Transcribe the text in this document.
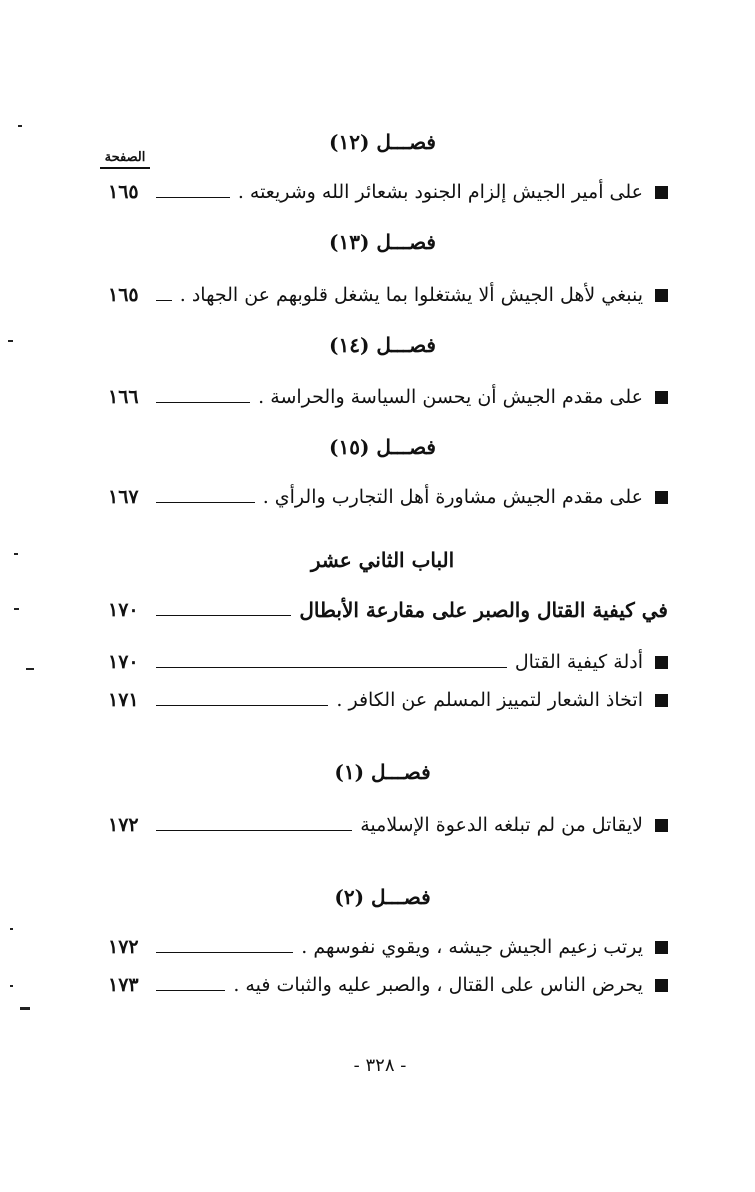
الصفحة
فصـــل (١٢)
على أمير الجيش إلزام الجنود بشعائر الله وشريعته .
١٦٥
فصـــل (١٣)
ينبغي لأهل الجيش ألا يشتغلوا بما يشغل قلوبهم عن الجهاد .
١٦٥
فصـــل (١٤)
على مقدم الجيش أن يحسن السياسة والحراسة .
١٦٦
فصـــل (١٥)
على مقدم الجيش مشاورة أهل التجارب والرأي .
١٦٧
الباب الثاني عشر
في كيفية القتال والصبر على مقارعة الأبطال
١٧٠
أدلة كيفية القتال
١٧٠
اتخاذ الشعار لتمييز المسلم عن الكافر .
١٧١
فصـــل (١)
لايقاتل من لم تبلغه الدعوة الإسلامية
١٧٢
فصـــل (٢)
يرتب زعيم الجيش جيشه ، ويقوي نفوسهم .
١٧٢
يحرض الناس على القتال ، والصبر عليه والثبات فيه .
١٧٣
- ٣٢٨ -
